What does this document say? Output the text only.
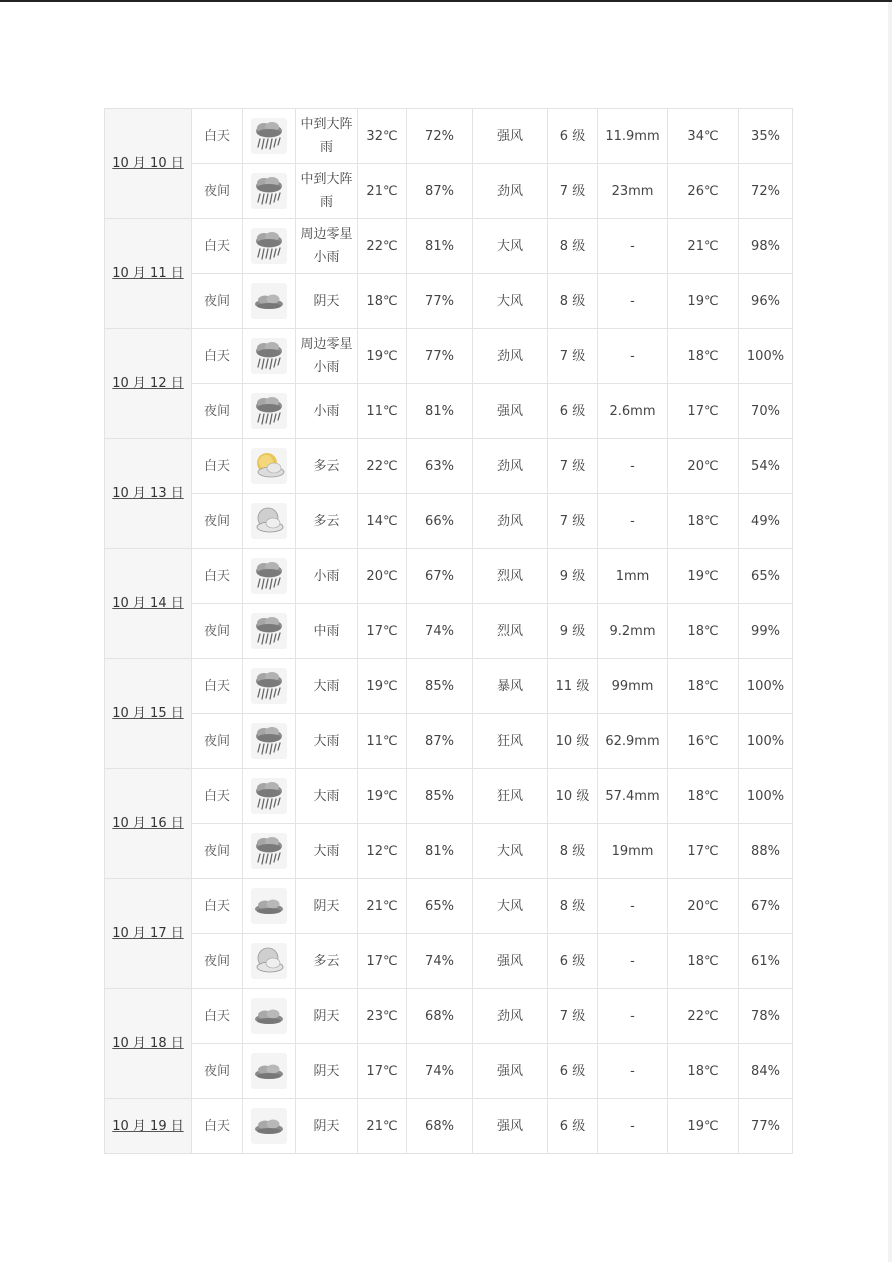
10 月 10 日	白天		中到大阵雨	32℃	72%	强风	6 级	11.9mm	34℃	35%
	夜间		中到大阵雨	21℃	87%	劲风	7 级	23mm	26℃	72%
10 月 11 日	白天		周边零星小雨	22℃	81%	大风	8 级	-	21℃	98%
	夜间		阴天	18℃	77%	大风	8 级	-	19℃	96%
10 月 12 日	白天		周边零星小雨	19℃	77%	劲风	7 级	-	18℃	100%
	夜间		小雨	11℃	81%	强风	6 级	2.6mm	17℃	70%
10 月 13 日	白天		多云	22℃	63%	劲风	7 级	-	20℃	54%
	夜间		多云	14℃	66%	劲风	7 级	-	18℃	49%
10 月 14 日	白天		小雨	20℃	67%	烈风	9 级	1mm	19℃	65%
	夜间		中雨	17℃	74%	烈风	9 级	9.2mm	18℃	99%
10 月 15 日	白天		大雨	19℃	85%	暴风	11 级	99mm	18℃	100%
	夜间		大雨	11℃	87%	狂风	10 级	62.9mm	16℃	100%
10 月 16 日	白天		大雨	19℃	85%	狂风	10 级	57.4mm	18℃	100%
	夜间		大雨	12℃	81%	大风	8 级	19mm	17℃	88%
10 月 17 日	白天		阴天	21℃	65%	大风	8 级	-	20℃	67%
	夜间		多云	17℃	74%	强风	6 级	-	18℃	61%
10 月 18 日	白天		阴天	23℃	68%	劲风	7 级	-	22℃	78%
	夜间		阴天	17℃	74%	强风	6 级	-	18℃	84%
10 月 19 日	白天		阴天	21℃	68%	强风	6 级	-	19℃	77%
